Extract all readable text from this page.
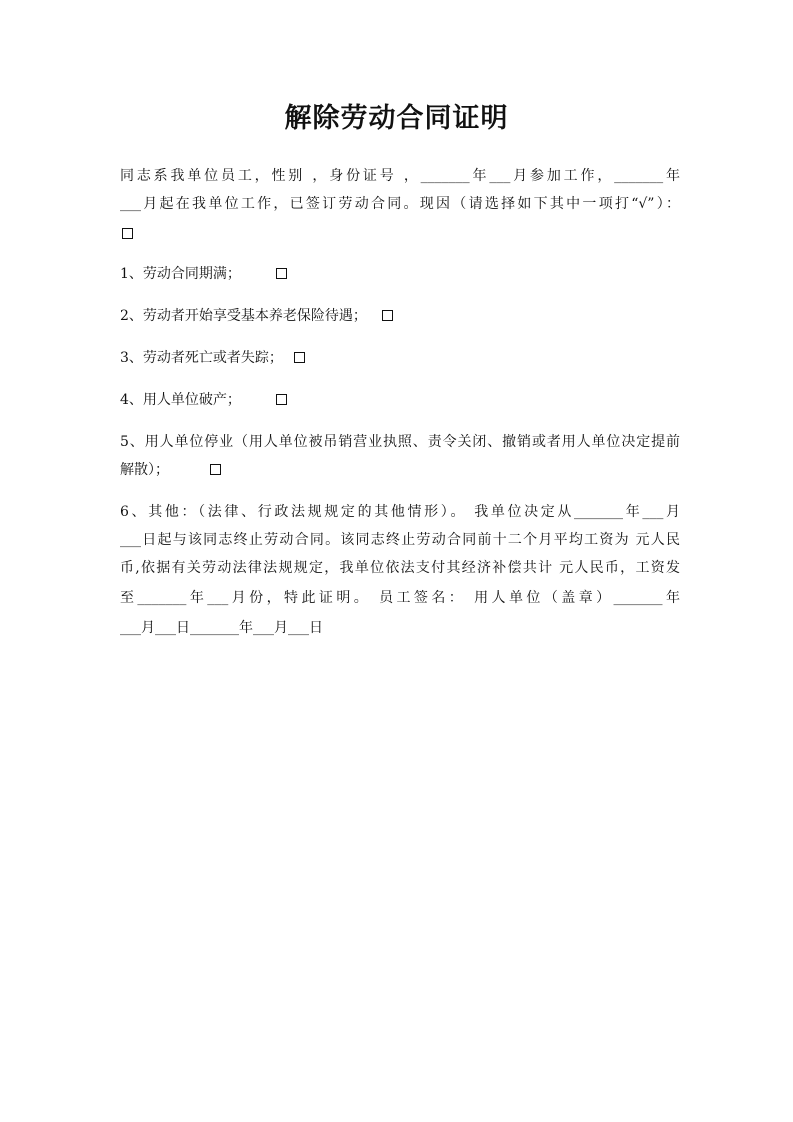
解除劳动合同证明
同志系我单位员工，性别 ，身份证号 ，_______年___月参加工作，_______年
___月起在我单位工作，已签订劳动合同。现因（请选择如下其中一项打“√”）：
1、劳动合同期满；
2、劳动者开始享受基本养老保险待遇；
3、劳动者死亡或者失踪；
4、用人单位破产；
5、用人单位停业（用人单位被吊销营业执照、责令关闭、撤销或者用人单位决定提前
解散）；
6、其他：（法律、行政法规规定的其他情形）。 我单位决定从_______年___月
___日起与该同志终止劳动合同。该同志终止劳动合同前十二个月平均工资为 元人民
币,依据有关劳动法律法规规定，我单位依法支付其经济补偿共计 元人民币，工资发
至_______年___月份，特此证明。 员工签名： 用人单位（盖章）_______年
___月___日_______年___月___日
